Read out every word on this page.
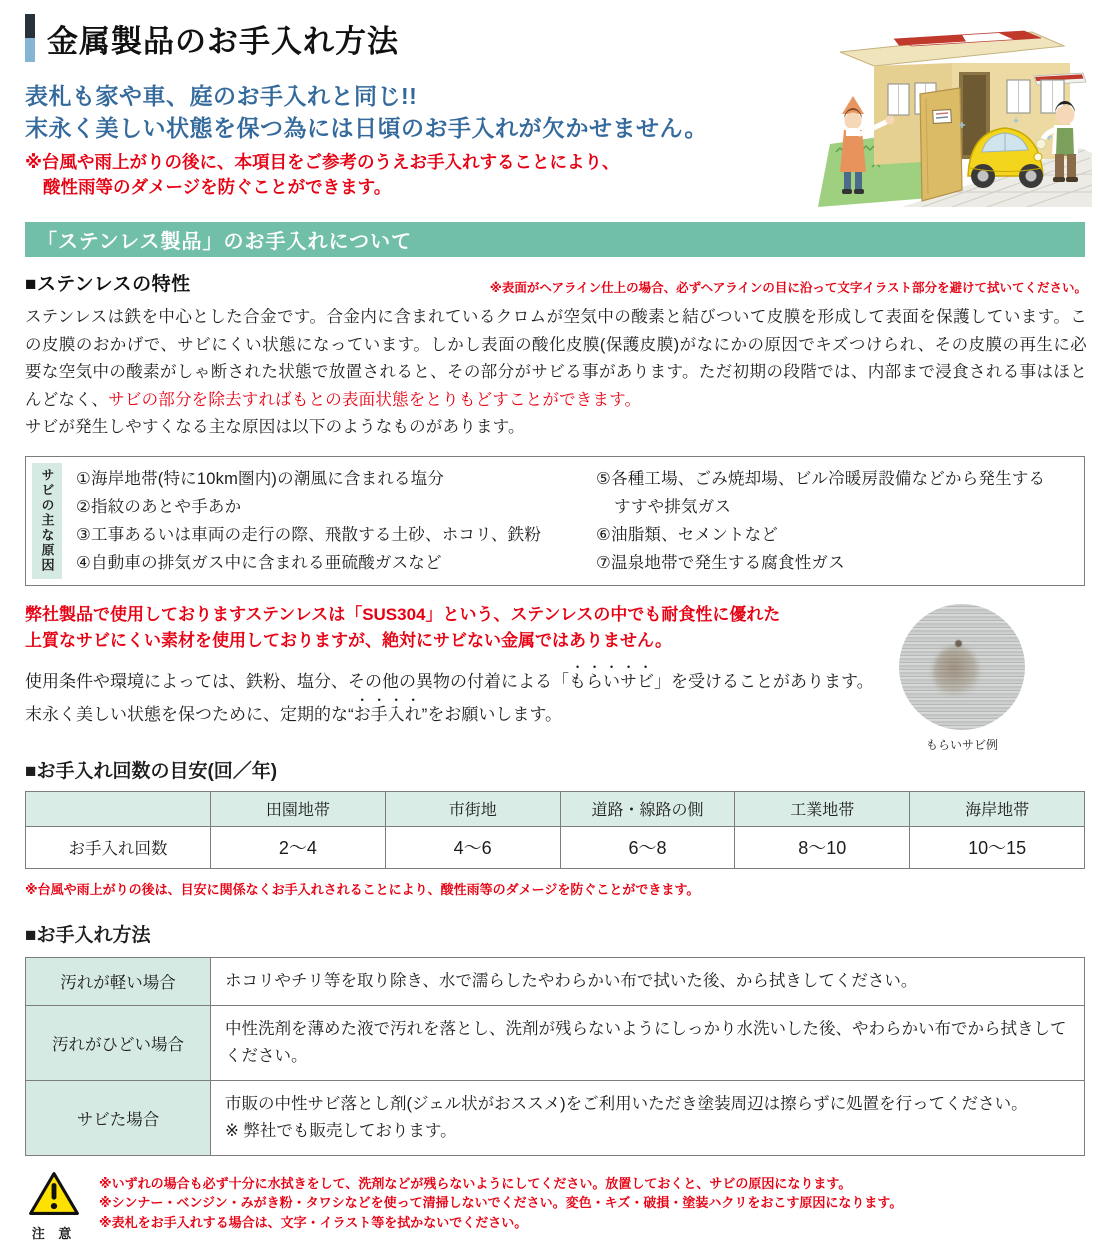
金属製品のお手入れ方法
表札も家や車、庭のお手入れと同じ!!
末永く美しい状態を保つ為には日頃のお手入れが欠かせません。
※台風や雨上がりの後に、本項目をご参考のうえお手入れすることにより、
酸性雨等のダメージを防ぐことができます。
「ステンレス製品」のお手入れについて
■ステンレスの特性	※表面がヘアライン仕上の場合、必ずヘアラインの目に沿って文字イラスト部分を避けて拭いてください。
ステンレスは鉄を中心とした合金です。合金内に含まれているクロムが空気中の酸素と結びついて皮膜を形成して表面を保護しています。この皮膜のおかげで、サビにくい状態になっています。しかし表面の酸化皮膜(保護皮膜)がなにかの原因でキズつけられ、その皮膜の再生に必要な空気中の酸素がしゃ断された状態で放置されると、その部分がサビる事があります。ただ初期の段階では、内部まで浸食される事はほとんどなく、サビの部分を除去すればもとの表面状態をとりもどすことができます。
サビが発生しやすくなる主な原因は以下のようなものがあります。
サビの主な原因	①海岸地帯(特に10km圏内)の潮風に含まれる塩分
②指紋のあとや手あか
③工事あるいは車両の走行の際、飛散する土砂、ホコリ、鉄粉
④自動車の排気ガス中に含まれる亜硫酸ガスなど
⑤各種工場、ごみ焼却場、ビル冷暖房設備などから発生する
すすや排気ガス
⑥油脂類、セメントなど
⑦温泉地帯で発生する腐食性ガス
弊社製品で使用しておりますステンレスは「SUS304」という、ステンレスの中でも耐食性に優れた
上質なサビにくい素材を使用しておりますが、絶対にサビない金属ではありません。
使用条件や環境によっては、鉄粉、塩分、その他の異物の付着による「もらいサビ」を受けることがあります。
末永く美しい状態を保つために、定期的な“お手入れ”をお願いします。
もらいサビ例
■お手入れ回数の目安(回／年)
	田園地帯	市街地	道路・線路の側	工業地帯	海岸地帯
お手入れ回数	2〜4	4〜6	6〜8	8〜10	10〜15
※台風や雨上がりの後は、目安に関係なくお手入れされることにより、酸性雨等のダメージを防ぐことができます。
■お手入れ方法
汚れが軽い場合	ホコリやチリ等を取り除き、水で濡らしたやわらかい布で拭いた後、から拭きしてください。
汚れがひどい場合	中性洗剤を薄めた液で汚れを落とし、洗剤が残らないようにしっかり水洗いした後、やわらかい布でから拭きしてください。
サビた場合	市販の中性サビ落とし剤(ジェル状がおススメ)をご利用いただき塗装周辺は擦らずに処置を行ってください。
※ 弊社でも販売しております。
注 意
※いずれの場合も必ず十分に水拭きをして、洗剤などが残らないようにしてください。放置しておくと、サビの原因になります。
※シンナー・ベンジン・みがき粉・タワシなどを使って清掃しないでください。変色・キズ・破損・塗装ハクリをおこす原因になります。
※表札をお手入れする場合は、文字・イラスト等を拭かないでください。
